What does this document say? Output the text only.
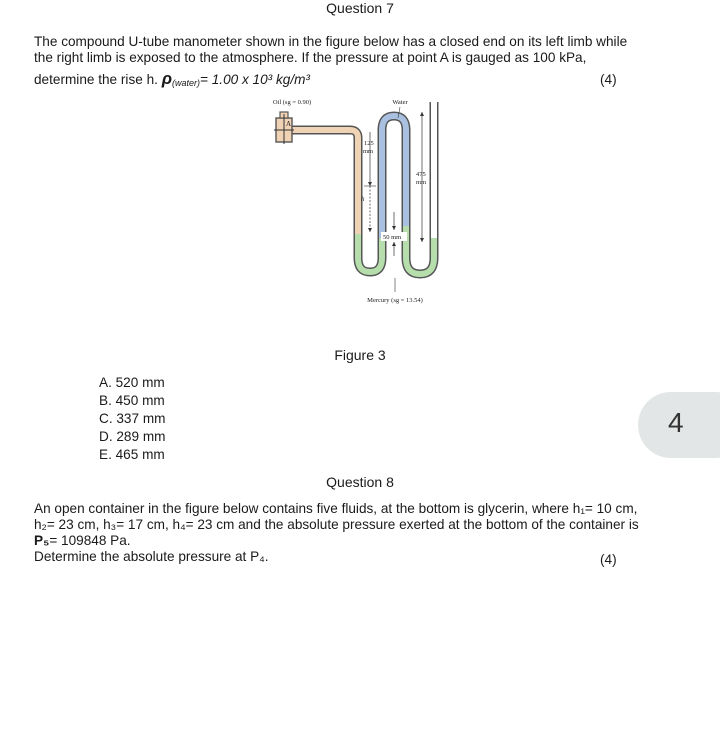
Question 7
The compound U-tube manometer shown in the figure below has a closed end on its left limb while
the right limb is exposed to the atmosphere. If the pressure at point A is gauged as 100 kPa,
determine the rise h. ρ(water)= 1.00 x 10³ kg/m³	(4)
A
Oil (sg = 0.90)	Water
125
mm
h
475
mm
50 mm
Mercury (sg = 13.54)
Figure 3
A. 520 mm
B. 450 mm
C. 337 mm
D. 289 mm
E. 465 mm
4
Question 8
An open container in the figure below contains five fluids, at the bottom is glycerin, where h₁= 10 cm,
h₂= 23 cm, h₃= 17 cm, h₄= 23 cm and the absolute pressure exerted at the bottom of the container is
P₅= 109848 Pa.
Determine the absolute pressure at P₄.	(4)
